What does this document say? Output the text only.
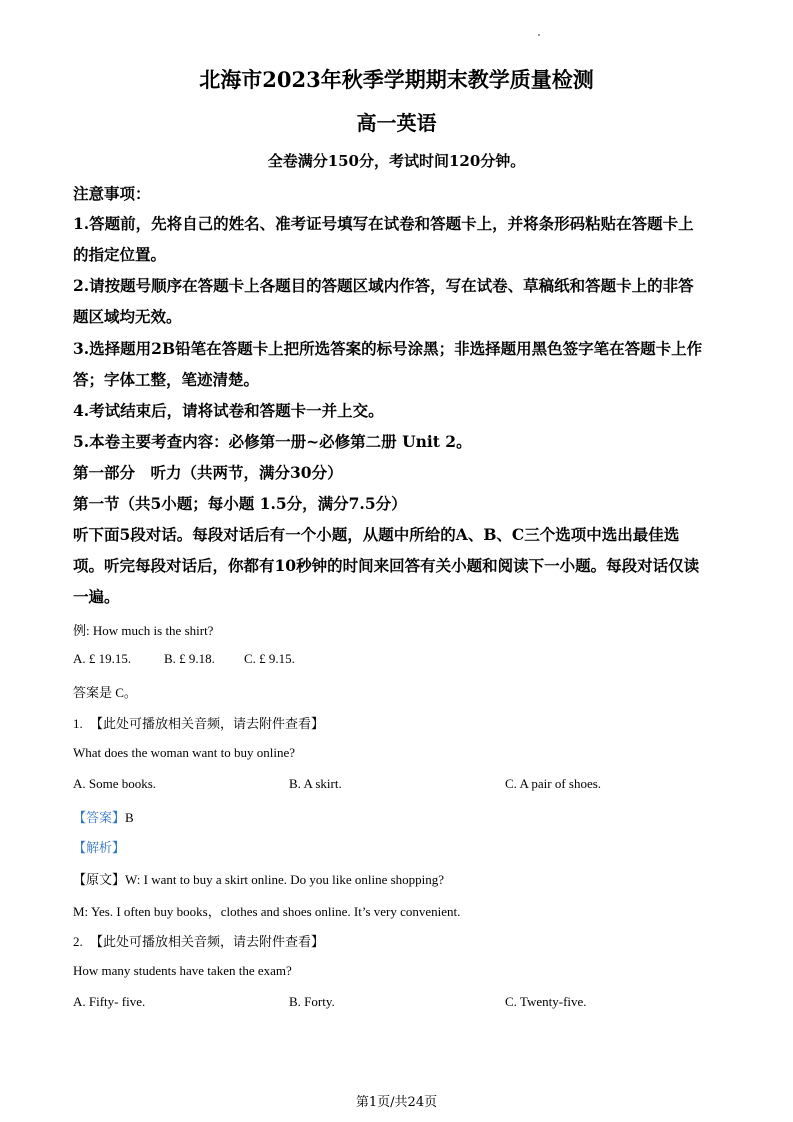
北海市2023年秋季学期期末教学质量检测
高一英语
全卷满分150分，考试时间120分钟。
注意事项：
1.答题前，先将自己的姓名、准考证号填写在试卷和答题卡上，并将条形码粘贴在答题卡上
的指定位置。
2.请按题号顺序在答题卡上各题目的答题区域内作答，写在试卷、草稿纸和答题卡上的非答
题区域均无效。
3.选择题用2B铅笔在答题卡上把所选答案的标号涂黑；非选择题用黑色签字笔在答题卡上作
答；字体工整，笔迹清楚。
4.考试结束后，请将试卷和答题卡一并上交。
5.本卷主要考查内容：必修第一册~必修第二册 Unit 2。
第一部分　听力（共两节，满分30分）
第一节（共5小题；每小题 1.5分，满分7.5分）
听下面5段对话。每段对话后有一个小题，从题中所给的A、B、C三个选项中选出最佳选
项。听完每段对话后，你都有10秒钟的时间来回答有关小题和阅读下一小题。每段对话仅读
一遍。
例: How much is the shirt?
A. £ 19.15.	B. £ 9.18. C. £ 9.15.
答案是 C。
1. 【此处可播放相关音频，请去附件查看】
What does the woman want to buy online?
A. Some books.	B. A skirt.	C. A pair of shoes.
【答案】B
【解析】
【原文】W: I want to buy a skirt online. Do you like online shopping?
M: Yes. I often buy books，clothes and shoes online. It’s very convenient.
2. 【此处可播放相关音频，请去附件查看】
How many students have taken the exam?
A. Fifty- five.	B. Forty.	C. Twenty-five.
第1页/共24页
